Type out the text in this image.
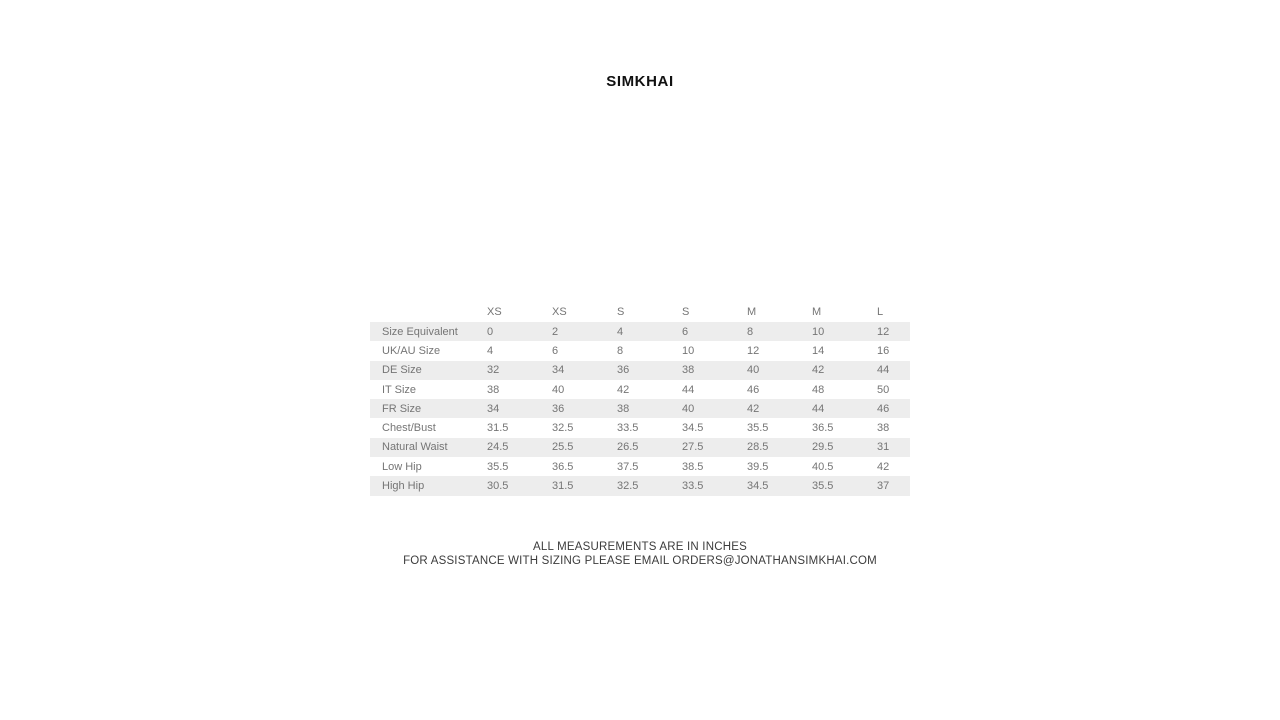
SIMKHAI
	XS	XS	S	S	M	M	L
Size Equivalent	0	2	4	6	8	10	12
UK/AU Size	4	6	8	10	12	14	16
DE Size	32	34	36	38	40	42	44
IT Size	38	40	42	44	46	48	50
FR Size	34	36	38	40	42	44	46
Chest/Bust	31.5	32.5	33.5	34.5	35.5	36.5	38
Natural Waist	24.5	25.5	26.5	27.5	28.5	29.5	31
Low Hip	35.5	36.5	37.5	38.5	39.5	40.5	42
High Hip	30.5	31.5	32.5	33.5	34.5	35.5	37
ALL MEASUREMENTS ARE IN INCHES
FOR ASSISTANCE WITH SIZING PLEASE EMAIL ORDERS@JONATHANSIMKHAI.COM
